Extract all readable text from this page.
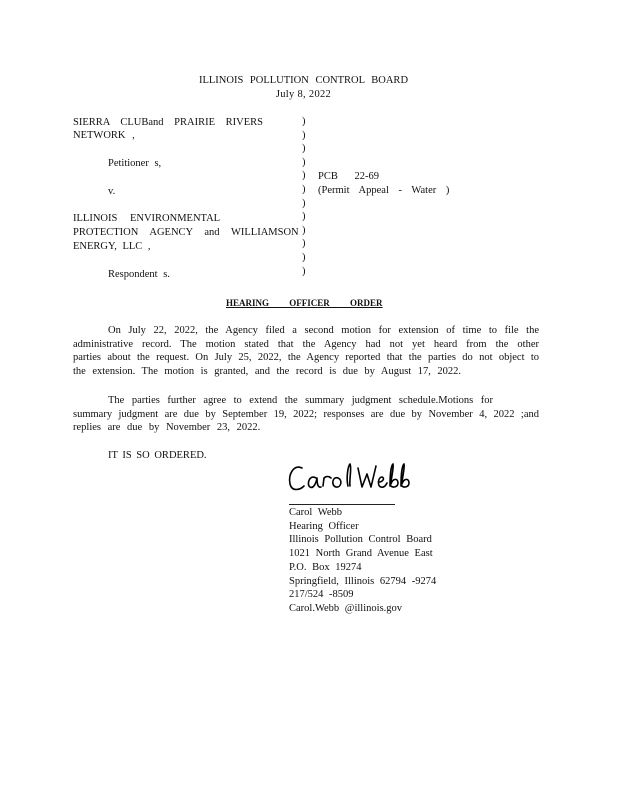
ILLINOIS POLLUTION CONTROL BOARD
July 8, 2022
SIERRA CLUBand PRAIRIE RIVERS
NETWORK ,
Petitioner s,
v.
ILLINOIS ENVIRONMENTAL
PROTECTION AGENCY and WILLIAMSON
ENERGY, LLC ,
Respondent s.
)
)
)
)
)
)
)
)
)
)
)
)
PCB 22-69
(Permit Appeal - Water )
HEARING OFFICER ORDER
On July 22, 2022, the Agency filed a second motion for extension of time to file the
administrative record. The motion stated that the Agency had not yet heard from the other
parties about the request. On July 25, 2022, the Agency reported that the parties do not object to
the extension. The motion is granted, and the record is due by August 17, 2022.
The parties further agree to extend the summary judgment schedule.Motions for
summary judgment are due by September 19, 2022; responses are due by November 4, 2022 ;and
replies are due by November 23, 2022.
IT IS SO ORDERED.
Carol Webb
Hearing Officer
Illinois Pollution Control Board
1021 North Grand Avenue East
P.O. Box 19274
Springfield, Illinois 62794 -9274
217/524 -8509
Carol.Webb @illinois.gov
